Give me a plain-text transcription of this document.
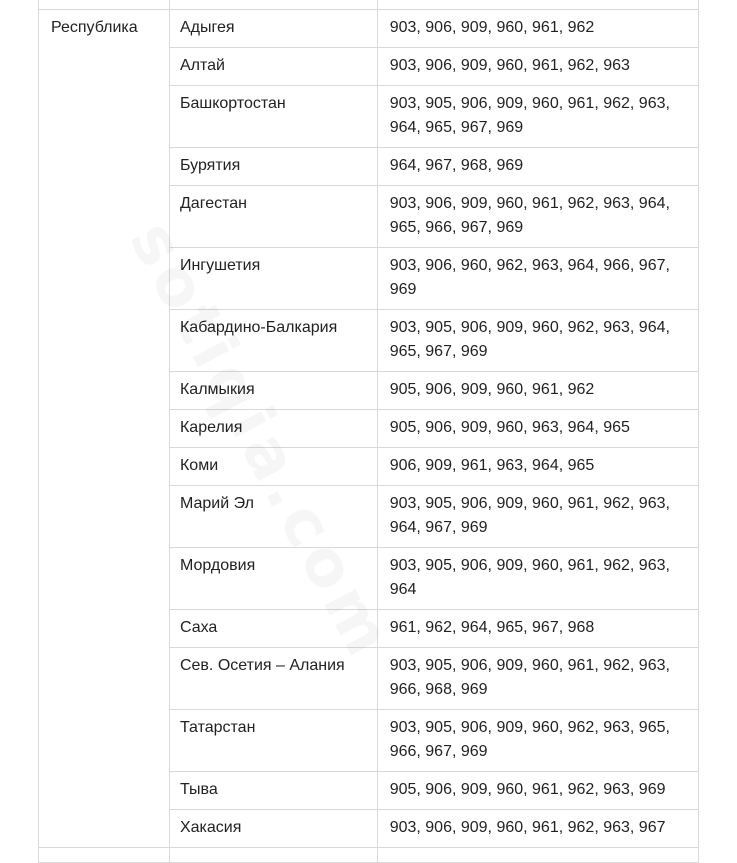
Республика	Адыгея	903, 906, 909, 960, 961, 962

	Алтай	903, 906, 909, 960, 961, 962, 963

	Башкортостан	903, 905, 906, 909, 960, 961, 962, 963, 964, 965, 967, 969

	Бурятия	964, 967, 968, 969

	Дагестан	903, 906, 909, 960, 961, 962, 963, 964, 965, 966, 967, 969

	Ингушетия	903, 906, 960, 962, 963, 964, 966, 967, 969

	Кабардино-Балкария	903, 905, 906, 909, 960, 962, 963, 964, 965, 967, 969

	Калмыкия	905, 906, 909, 960, 961, 962

	Карелия	905, 906, 909, 960, 963, 964, 965

	Коми	906, 909, 961, 963, 964, 965

	Марий Эл	903, 905, 906, 909, 960, 961, 962, 963, 964, 967, 969

	Мордовия	903, 905, 906, 909, 960, 961, 962, 963, 964

	Саха	961, 962, 964, 965, 967, 968

	Сев. Осетия – Алания	903, 905, 906, 909, 960, 961, 962, 963, 966, 968, 969

	Татарстан	903, 905, 906, 909, 960, 962, 963, 965, 966, 967, 969

	Тыва	905, 906, 909, 960, 961, 962, 963, 969

	Хакасия	903, 906, 909, 960, 961, 962, 963, 967
